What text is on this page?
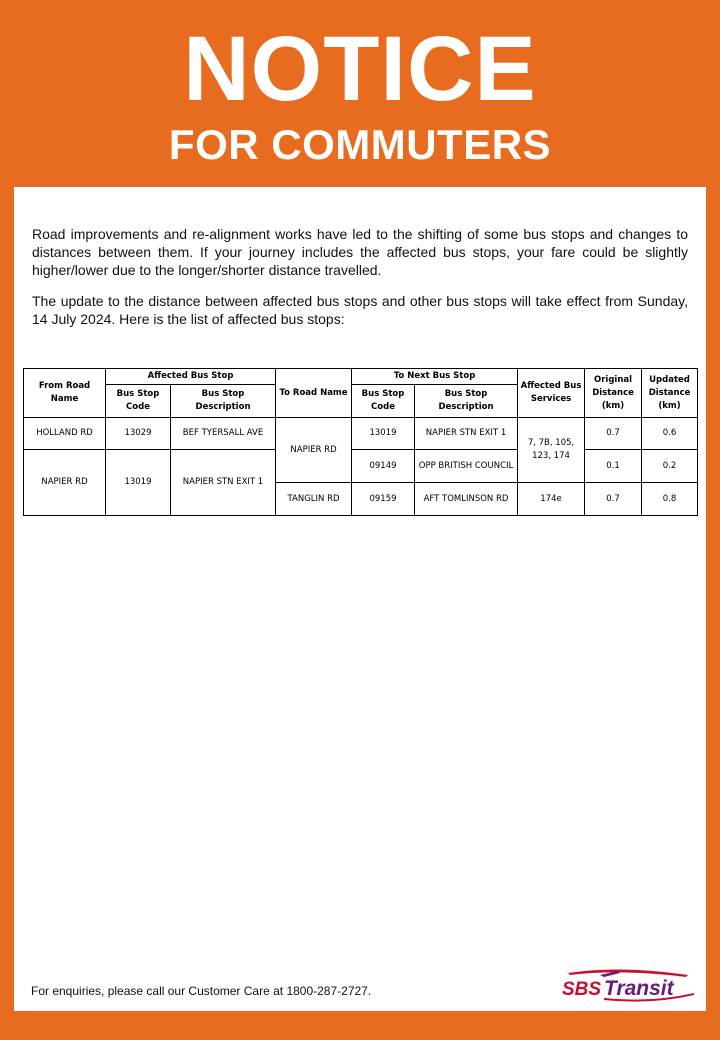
NOTICE
FOR COMMUTERS
Road improvements and re-alignment works have led to the shifting of some bus stops and changes to distances between them. If your journey includes the affected bus stops, your fare could be slightly higher/lower due to the longer/shorter distance travelled.
The update to the distance between affected bus stops and other bus stops will take effect from Sunday, 14 July 2024. Here is the list of affected bus stops:
From Road Name	Affected Bus Stop		To Road Name	To Next Bus Stop		Affected Bus Services	Original Distance (km)	Updated Distance (km)
	Bus Stop Code	Bus Stop Description		Bus Stop Code	Bus Stop Description			
HOLLAND RD	13029	BEF TYERSALL AVE	NAPIER RD	13019	NAPIER STN EXIT 1	7, 7B, 105, 123, 174	0.7	0.6
NAPIER RD	13019	NAPIER STN EXIT 1		09149	OPP BRITISH COUNCIL		0.1	0.2
			TANGLIN RD	09159	AFT TOMLINSON RD	174e	0.7	0.8
For enquiries, please call our Customer Care at 1800-287-2727.	SBS Transit
